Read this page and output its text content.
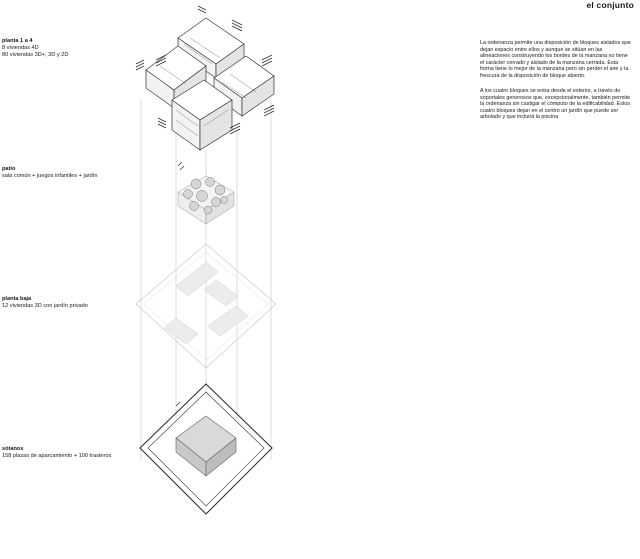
el conjunto
planta 1 a 4
8 viviendas 4D
80 viviendas 3D+, 3D y 2D
patio
sala común + juegos infantiles + jardín
planta baja
12 viviendas 3D con jardín privado
sótanos
158 plazas de aparcamiento + 100 trasteros
La ordenanza permite una disposición de bloques aislados que dejan espacio entre ellos y aunque se sitúan en las alineaciones construyendo los bordes de la manzana no tiene el carácter cerrado y aislado de la manzana cerrada. Esta forma tiene lo mejor de la manzana pero sin perder el aire y la frescura de la disposición de bloque abierto.
A los cuatro bloques se entra desde el exterior, a través de soportales generosos que, excepcionalmente, también permite la ordenanza sin castigar el cómputo de la edificabilidad. Estos cuatro bloques dejan en el centro un jardín que puede ser arbolado y que incluirá la piscina
